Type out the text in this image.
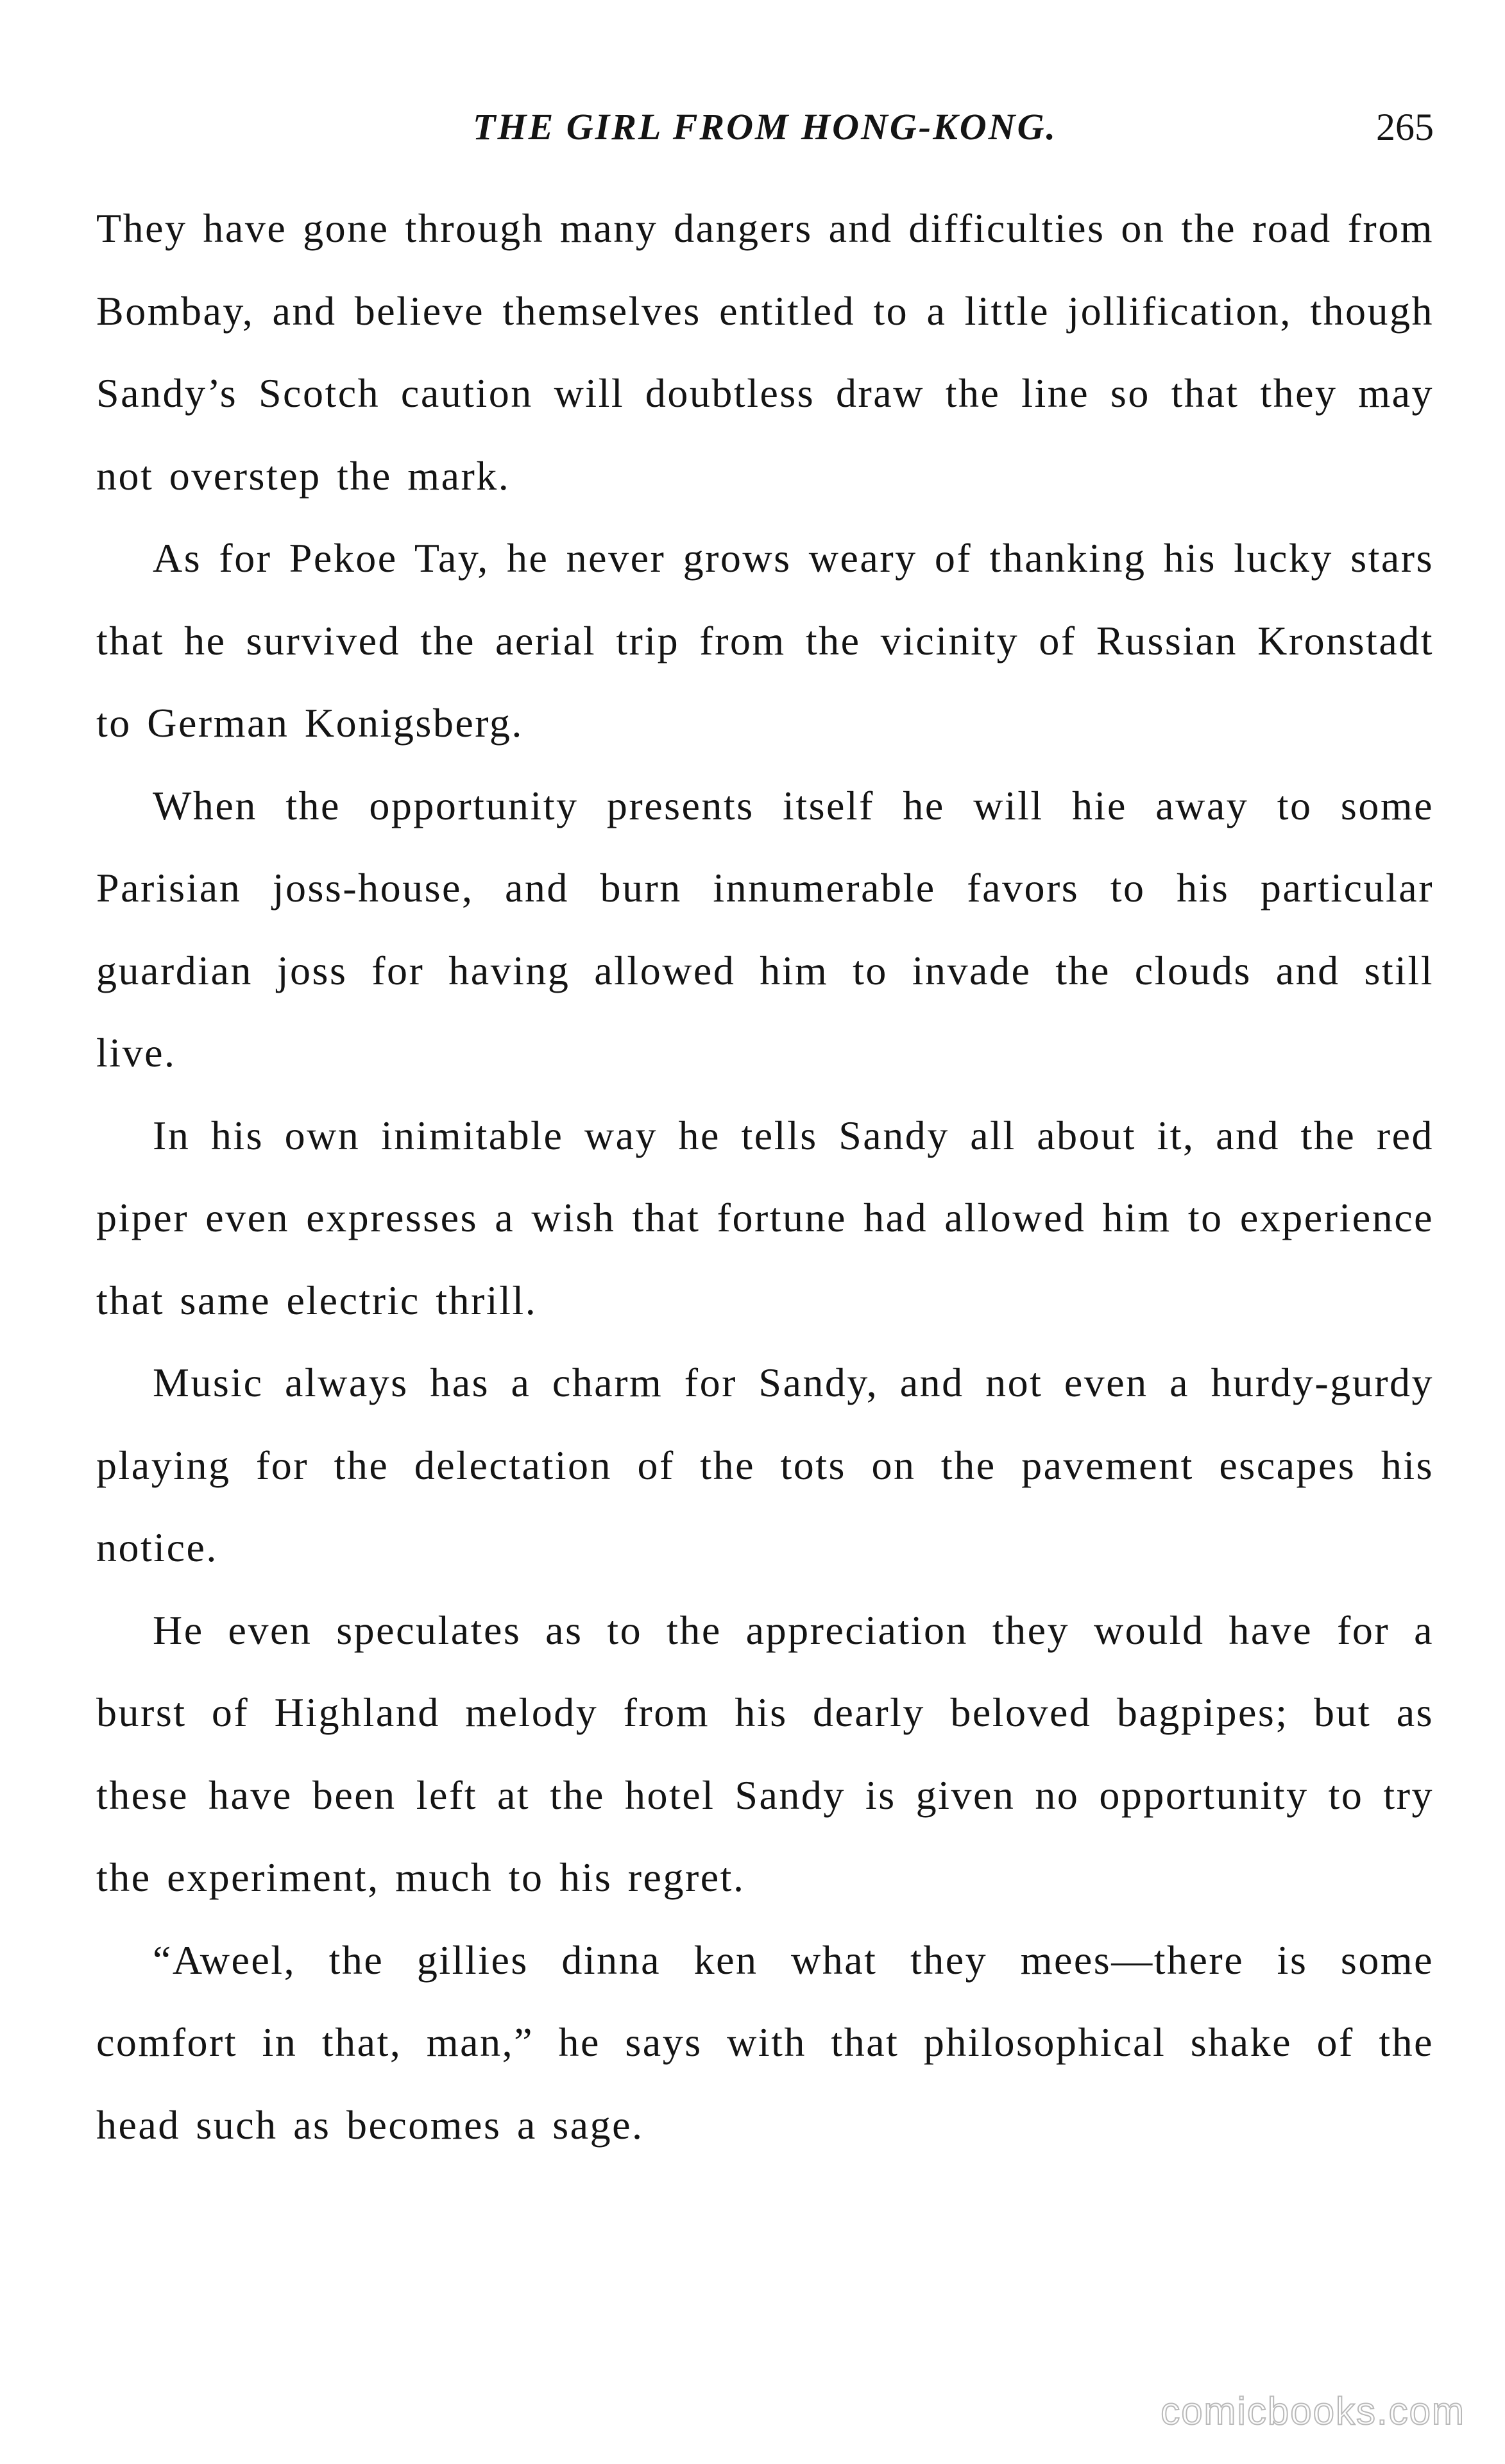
THE GIRL FROM HONG-KONG.	265

They have gone through many dangers and difficulties on the road from Bombay, and believe themselves entitled to a little jollification, though Sandy’s Scotch caution will doubtless draw the line so that they may not overstep the mark.

As for Pekoe Tay, he never grows weary of thanking his lucky stars that he survived the aerial trip from the vicinity of Russian Kronstadt to German Konigsberg.

When the opportunity presents itself he will hie away to some Parisian joss-house, and burn innumerable favors to his particular guardian joss for having allowed him to invade the clouds and still live.

In his own inimitable way he tells Sandy all about it, and the red piper even expresses a wish that fortune had allowed him to experience that same electric thrill.

Music always has a charm for Sandy, and not even a hurdy-gurdy playing for the delectation of the tots on the pavement escapes his notice.

He even speculates as to the appreciation they would have for a burst of Highland melody from his dearly beloved bagpipes; but as these have been left at the hotel Sandy is given no opportunity to try the experiment, much to his regret.

“Aweel, the gillies dinna ken what they mees—there is some comfort in that, man,” he says with that philosophical shake of the head such as becomes a sage.

comicbooks.com
